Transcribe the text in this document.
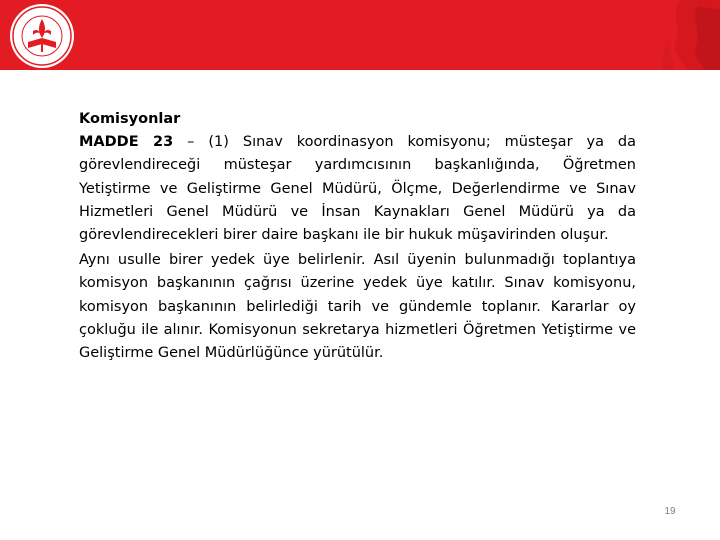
Komisyonlar

MADDE 23 – (1) Sınav koordinasyon komisyonu; müsteşar ya da görevlendireceği müsteşar yardımcısının başkanlığında, Öğretmen Yetiştirme ve Geliştirme Genel Müdürü, Ölçme, Değerlendirme ve Sınav Hizmetleri Genel Müdürü ve İnsan Kaynakları Genel Müdürü ya da görevlendirecekleri birer daire başkanı ile bir hukuk müşavirinden oluşur.

Aynı usulle birer yedek üye belirlenir. Asıl üyenin bulunmadığı toplantıya komisyon başkanının çağrısı üzerine yedek üye katılır. Sınav komisyonu, komisyon başkanının belirlediği tarih ve gündemle toplanır. Kararlar oy çokluğu ile alınır. Komisyonun sekretarya hizmetleri Öğretmen Yetiştirme ve Geliştirme Genel Müdürlüğünce yürütülür.

19
